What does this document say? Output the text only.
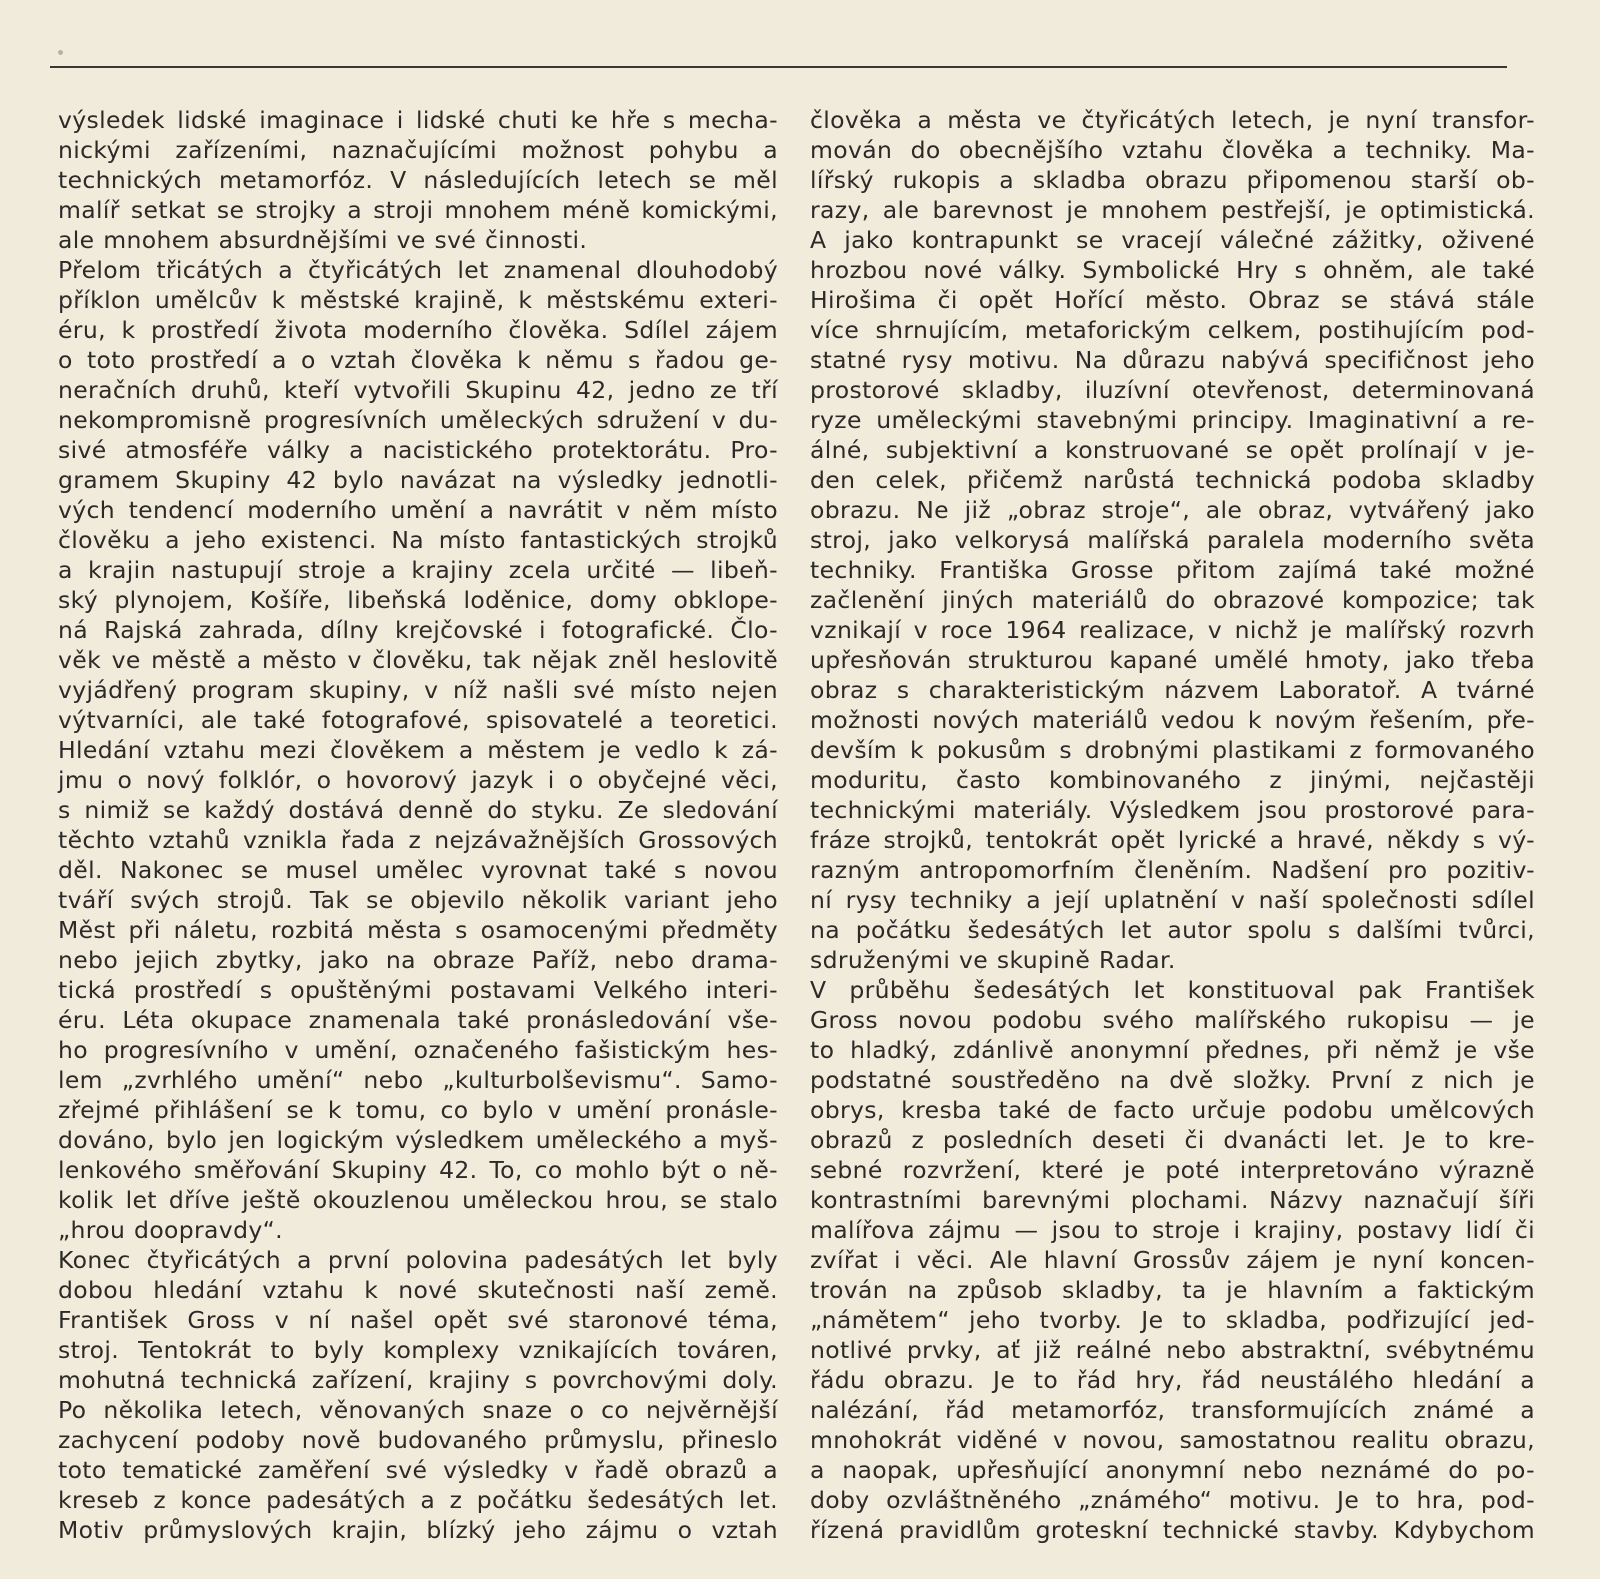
výsledek lidské imaginace i lidské chuti ke hře s mecha-
nickými zařízeními, naznačujícími možnost pohybu a
technických metamorfóz. V následujících letech se měl
malíř setkat se strojky a stroji mnohem méně komickými,
ale mnohem absurdnějšími ve své činnosti.
Přelom třicátých a čtyřicátých let znamenal dlouhodobý
příklon umělcův k městské krajině, k městskému exteri-
éru, k prostředí života moderního člověka. Sdílel zájem
o toto prostředí a o vztah člověka k němu s řadou ge-
neračních druhů, kteří vytvořili Skupinu 42, jedno ze tří
nekompromisně progresívních uměleckých sdružení v du-
sivé atmosféře války a nacistického protektorátu. Pro-
gramem Skupiny 42 bylo navázat na výsledky jednotli-
vých tendencí moderního umění a navrátit v něm místo
člověku a jeho existenci. Na místo fantastických strojků
a krajin nastupují stroje a krajiny zcela určité — libeň-
ský plynojem, Košíře, libeňská loděnice, domy obklope-
ná Rajská zahrada, dílny krejčovské i fotografické. Člo-
věk ve městě a město v člověku, tak nějak zněl heslovitě
vyjádřený program skupiny, v níž našli své místo nejen
výtvarníci, ale také fotografové, spisovatelé a teoretici.
Hledání vztahu mezi člověkem a městem je vedlo k zá-
jmu o nový folklór, o hovorový jazyk i o obyčejné věci,
s nimiž se každý dostává denně do styku. Ze sledování
těchto vztahů vznikla řada z nejzávažnějších Grossových
děl. Nakonec se musel umělec vyrovnat také s novou
tváří svých strojů. Tak se objevilo několik variant jeho
Měst při náletu, rozbitá města s osamocenými předměty
nebo jejich zbytky, jako na obraze Paříž, nebo drama-
tická prostředí s opuštěnými postavami Velkého interi-
éru. Léta okupace znamenala také pronásledování vše-
ho progresívního v umění, označeného fašistickým hes-
lem „zvrhlého umění“ nebo „kulturbolševismu“. Samo-
zřejmé přihlášení se k tomu, co bylo v umění pronásle-
dováno, bylo jen logickým výsledkem uměleckého a myš-
lenkového směřování Skupiny 42. To, co mohlo být o ně-
kolik let dříve ještě okouzlenou uměleckou hrou, se stalo
„hrou doopravdy“.
Konec čtyřicátých a první polovina padesátých let byly
dobou hledání vztahu k nové skutečnosti naší země.
František Gross v ní našel opět své staronové téma,
stroj. Tentokrát to byly komplexy vznikajících továren,
mohutná technická zařízení, krajiny s povrchovými doly.
Po několika letech, věnovaných snaze o co nejvěrnější
zachycení podoby nově budovaného průmyslu, přineslo
toto tematické zaměření své výsledky v řadě obrazů a
kreseb z konce padesátých a z počátku šedesátých let.
Motiv průmyslových krajin, blízký jeho zájmu o vztah
člověka a města ve čtyřicátých letech, je nyní transfor-
mován do obecnějšího vztahu člověka a techniky. Ma-
lířský rukopis a skladba obrazu připomenou starší ob-
razy, ale barevnost je mnohem pestřejší, je optimistická.
A jako kontrapunkt se vracejí válečné zážitky, oživené
hrozbou nové války. Symbolické Hry s ohněm, ale také
Hirošima či opět Hořící město. Obraz se stává stále
více shrnujícím, metaforickým celkem, postihujícím pod-
statné rysy motivu. Na důrazu nabývá specifičnost jeho
prostorové skladby, iluzívní otevřenost, determinovaná
ryze uměleckými stavebnými principy. Imaginativní a re-
álné, subjektivní a konstruované se opět prolínají v je-
den celek, přičemž narůstá technická podoba skladby
obrazu. Ne již „obraz stroje“, ale obraz, vytvářený jako
stroj, jako velkorysá malířská paralela moderního světa
techniky. Františka Grosse přitom zajímá také možné
začlenění jiných materiálů do obrazové kompozice; tak
vznikají v roce 1964 realizace, v nichž je malířský rozvrh
upřesňován strukturou kapané umělé hmoty, jako třeba
obraz s charakteristickým názvem Laboratoř. A tvárné
možnosti nových materiálů vedou k novým řešením, pře-
devším k pokusům s drobnými plastikami z formovaného
moduritu, často kombinovaného z jinými, nejčastěji
technickými materiály. Výsledkem jsou prostorové para-
fráze strojků, tentokrát opět lyrické a hravé, někdy s vý-
razným antropomorfním členěním. Nadšení pro pozitiv-
ní rysy techniky a její uplatnění v naší společnosti sdílel
na počátku šedesátých let autor spolu s dalšími tvůrci,
sdruženými ve skupině Radar.
V průběhu šedesátých let konstituoval pak František
Gross novou podobu svého malířského rukopisu — je
to hladký, zdánlivě anonymní přednes, při němž je vše
podstatné soustředěno na dvě složky. První z nich je
obrys, kresba také de facto určuje podobu umělcových
obrazů z posledních deseti či dvanácti let. Je to kre-
sebné rozvržení, které je poté interpretováno výrazně
kontrastními barevnými plochami. Názvy naznačují šíři
malířova zájmu — jsou to stroje i krajiny, postavy lidí či
zvířat i věci. Ale hlavní Grossův zájem je nyní koncen-
trován na způsob skladby, ta je hlavním a faktickým
„námětem“ jeho tvorby. Je to skladba, podřizující jed-
notlivé prvky, ať již reálné nebo abstraktní, svébytnému
řádu obrazu. Je to řád hry, řád neustálého hledání a
nalézání, řád metamorfóz, transformujících známé a
mnohokrát viděné v novou, samostatnou realitu obrazu,
a naopak, upřesňující anonymní nebo neznámé do po-
doby ozvláštněného „známého“ motivu. Je to hra, pod-
řízená pravidlům groteskní technické stavby. Kdybychom
